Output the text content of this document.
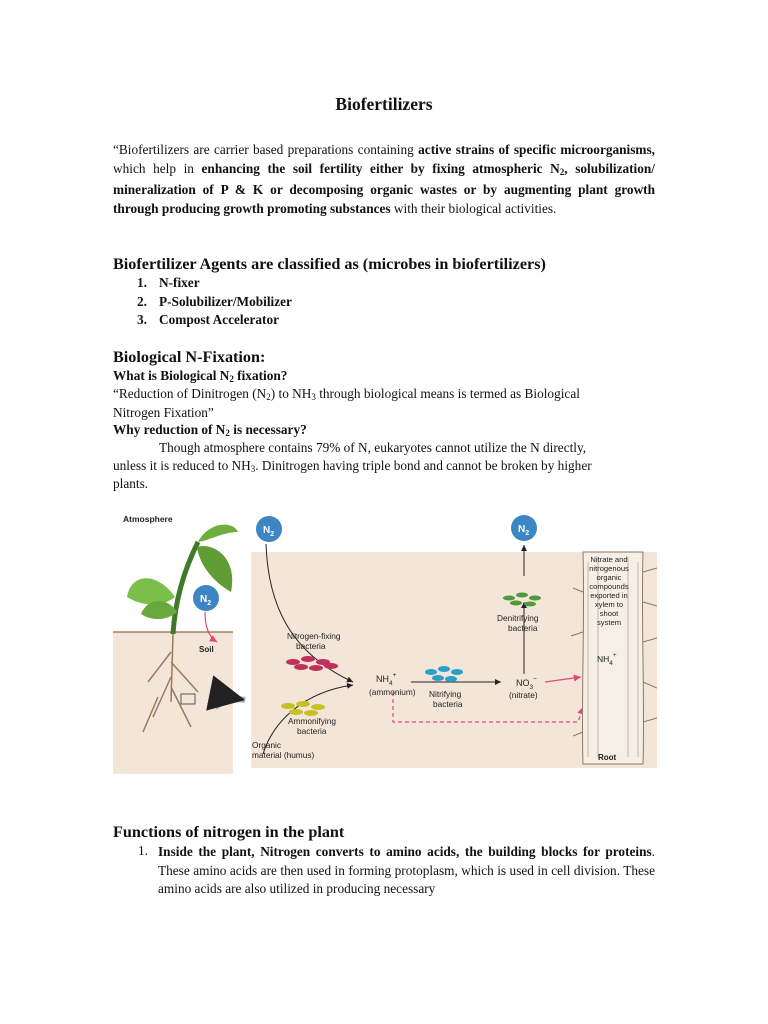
Biofertilizers
“Biofertilizers are carrier based preparations containing active strains of specific microorganisms, which help in enhancing the soil fertility either by fixing atmospheric $N_2$, solubilization/ mineralization of P & K or decomposing organic wastes or by augmenting plant growth through producing growth promoting substances with their biological activities.
Biofertilizer Agents are classified as (microbes in biofertilizers)
1. N-fixer
2. P-Solubilizer/Mobilizer
3. Compost Accelerator
Biological N-Fixation:
What is Biological $N_2$ fixation?
“Reduction of Dinitrogen $(N_2)$ to $NH_3$ through biological means is termed as Biological
Nitrogen Fixation”
Why reduction of $N_2$ is necessary?
Though atmosphere contains 79% of N, eukaryotes cannot utilize the N directly,
unless it is reduced to $NH_3$. Dinitrogen having triple bond and cannot be broken by higher
plants.
Atmosphere
$N_2$
$N_2$
Soil
$N_2$
Nitrogen-fixing bacteria
Ammonifying bacteria
Organic material (humus)
$NH_4^+$
(ammonium) Nitrifying bacteria
$NO_3^-$
(nitrate)
Denitrifying bacteria
$NH_4^+$
Root
Nitrate and
nitrogenous
organic
compounds
exported in
xylem to
shoot
system
Functions of nitrogen in the plant
1. Inside the plant, Nitrogen converts to amino acids, the building blocks for proteins. These amino acids are then used in forming protoplasm, which is used in cell division. These amino acids are also utilized in producing necessary
